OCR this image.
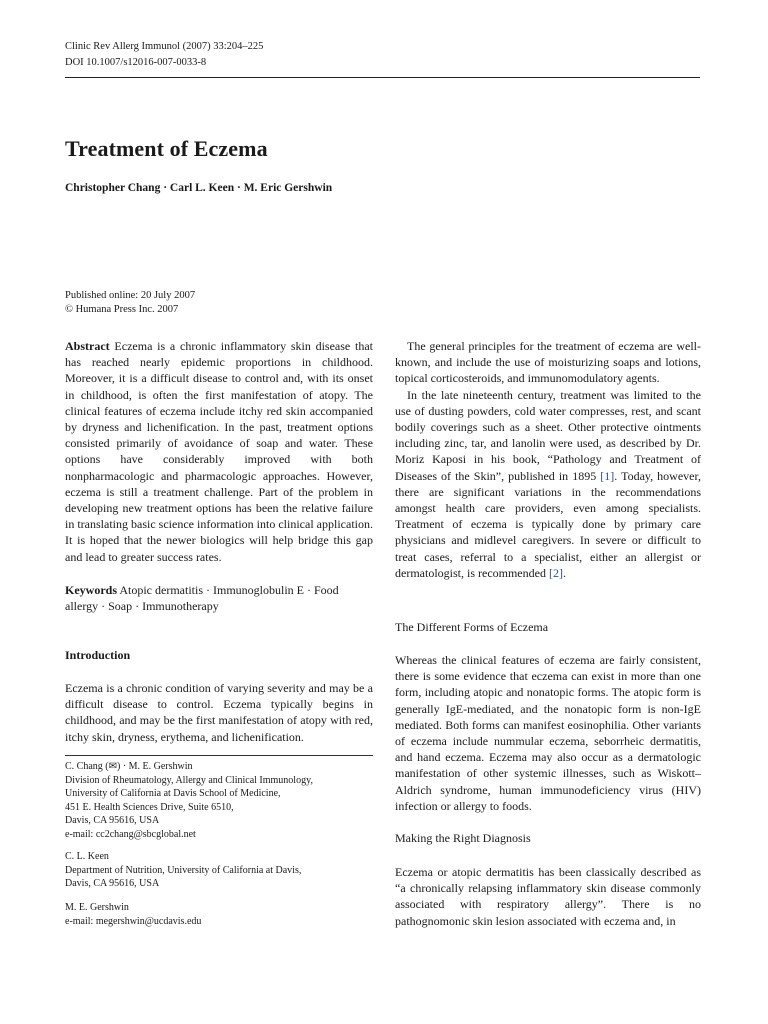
Clinic Rev Allerg Immunol (2007) 33:204–225
DOI 10.1007/s12016-007-0033-8
Treatment of Eczema
Christopher Chang · Carl L. Keen · M. Eric Gershwin
Published online: 20 July 2007
© Humana Press Inc. 2007

Abstract Eczema is a chronic inflammatory skin disease that has reached nearly epidemic proportions in childhood. Moreover, it is a difficult disease to control and, with its onset in childhood, is often the first manifestation of atopy. The clinical features of eczema include itchy red skin accompanied by dryness and lichenification. In the past, treatment options consisted primarily of avoidance of soap and water. These options have considerably improved with both nonpharmacologic and pharmacologic approaches. However, eczema is still a treatment challenge. Part of the problem in developing new treatment options has been the relative failure in translating basic science information into clinical application. It is hoped that the newer biologics will help bridge this gap and lead to greater success rates.

Keywords Atopic dermatitis · Immunoglobulin E · Food allergy · Soap · Immunotherapy

Introduction

Eczema is a chronic condition of varying severity and may be a difficult disease to control. Eczema typically begins in childhood, and may be the first manifestation of atopy with red, itchy skin, dryness, erythema, and lichenification.

C. Chang (✉) · M. E. Gershwin
Division of Rheumatology, Allergy and Clinical Immunology,
University of California at Davis School of Medicine,
451 E. Health Sciences Drive, Suite 6510,
Davis, CA 95616, USA
e-mail: cc2chang@sbcglobal.net
C. L. Keen
Department of Nutrition, University of California at Davis,
Davis, CA 95616, USA
M. E. Gershwin
e-mail: megershwin@ucdavis.edu

The general principles for the treatment of eczema are well-known, and include the use of moisturizing soaps and lotions, topical corticosteroids, and immunomodulatory agents.

In the late nineteenth century, treatment was limited to the use of dusting powders, cold water compresses, rest, and scant bodily coverings such as a sheet. Other protective ointments including zinc, tar, and lanolin were used, as described by Dr. Moriz Kaposi in his book, “Pathology and Treatment of Diseases of the Skin”, published in 1895 [1]. Today, however, there are significant variations in the recommendations amongst health care providers, even among specialists. Treatment of eczema is typically done by primary care physicians and midlevel caregivers. In severe or difficult to treat cases, referral to a specialist, either an allergist or dermatologist, is recommended [2].

The Different Forms of Eczema

Whereas the clinical features of eczema are fairly consistent, there is some evidence that eczema can exist in more than one form, including atopic and nonatopic forms. The atopic form is generally IgE-mediated, and the nonatopic form is non-IgE mediated. Both forms can manifest eosinophilia. Other variants of eczema include nummular eczema, seborrheic dermatitis, and hand eczema. Eczema may also occur as a dermatologic manifestation of other systemic illnesses, such as Wiskott–Aldrich syndrome, human immunodeficiency virus (HIV) infection or allergy to foods.

Making the Right Diagnosis

Eczema or atopic dermatitis has been classically described as “a chronically relapsing inflammatory skin disease commonly associated with respiratory allergy”. There is no pathognomonic skin lesion associated with eczema and, in
